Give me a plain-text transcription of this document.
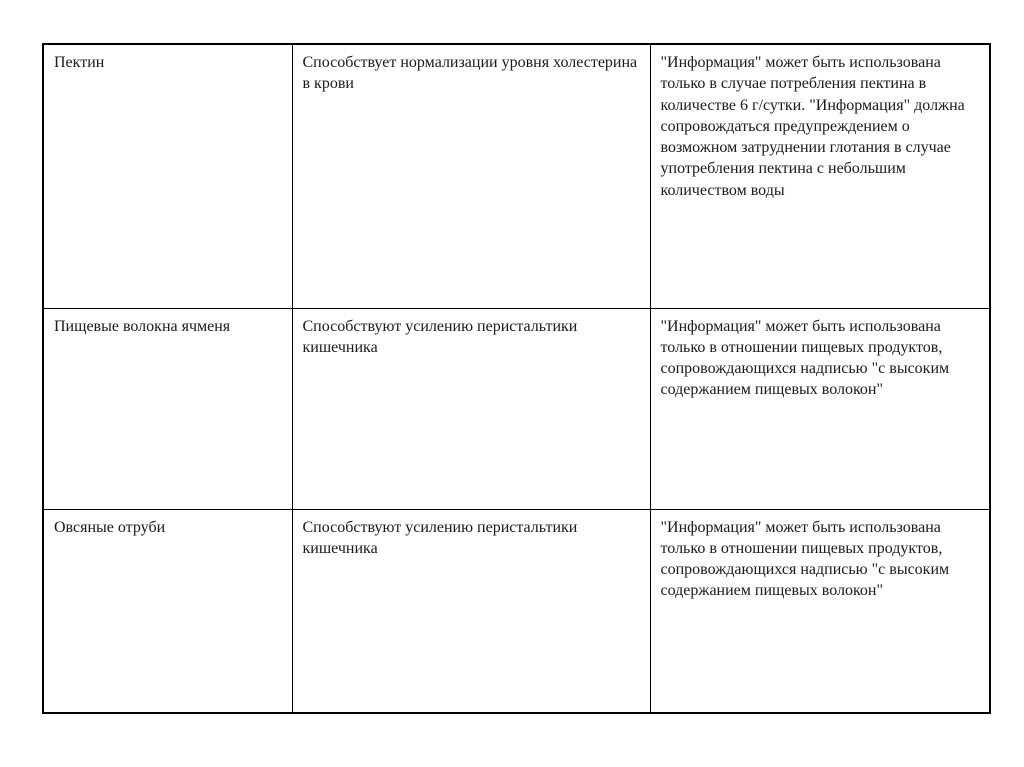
Пектин	Способствует нормализации уровня холестерина в крови	"Информация" может быть использована только в случае потребления пектина в количестве 6 г/сутки. "Информация" должна сопровождаться предупреждением о возможном затруднении глотания в случае употребления пектина с небольшим количеством воды
Пищевые волокна ячменя	Способствуют усилению перистальтики кишечника	"Информация" может быть использована только в отношении пищевых продуктов, сопровождающихся надписью "с высоким содержанием пищевых волокон"
Овсяные отруби	Способствуют усилению перистальтики кишечника	"Информация" может быть использована только в отношении пищевых продуктов, сопровождающихся надписью "с высоким содержанием пищевых волокон"
